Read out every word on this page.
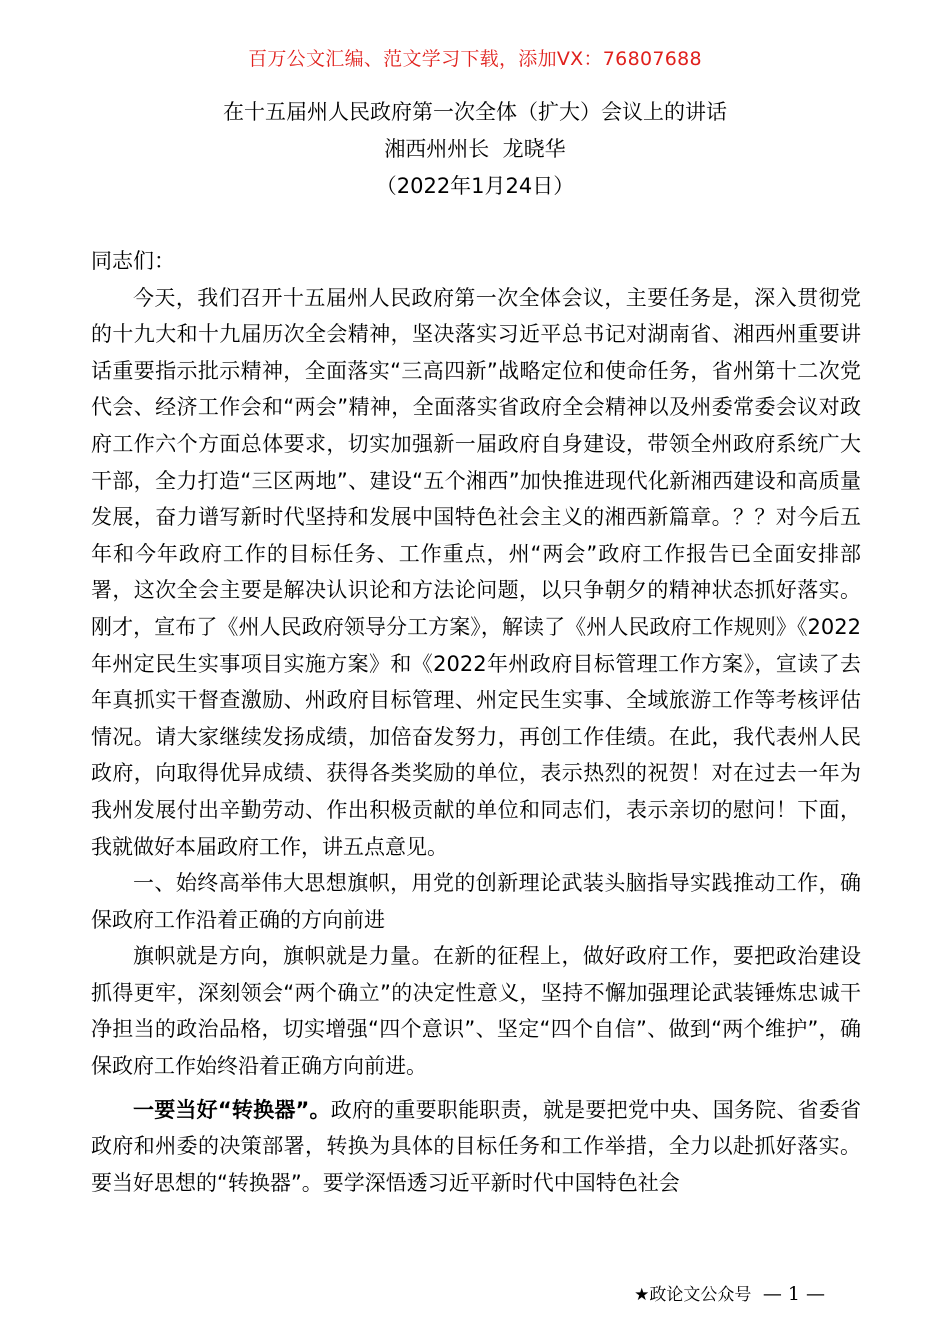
百万公文汇编、范文学习下载，添加VX：76807688
在十五届州人民政府第一次全体（扩大）会议上的讲话
湘西州州长  龙晓华
（2022年1月24日）

同志们：

今天，我们召开十五届州人民政府第一次全体会议，主要任务是，深入贯彻党的十九大和十九届历次全会精神，坚决落实习近平总书记对湖南省、湘西州重要讲话重要指示批示精神，全面落实“三高四新”战略定位和使命任务，省州第十二次党代会、经济工作会和“两会”精神，全面落实省政府全会精神以及州委常委会议对政府工作六个方面总体要求，切实加强新一届政府自身建设，带领全州政府系统广大干部，全力打造“三区两地”、建设“五个湘西”加快推进现代化新湘西建设和高质量发展，奋力谱写新时代坚持和发展中国特色社会主义的湘西新篇章。？？对今后五年和今年政府工作的目标任务、工作重点，州“两会”政府工作报告已全面安排部署，这次全会主要是解决认识论和方法论问题，以只争朝夕的精神状态抓好落实。刚才，宣布了《州人民政府领导分工方案》，解读了《州人民政府工作规则》《2022年州定民生实事项目实施方案》和《2022年州政府目标管理工作方案》，宣读了去年真抓实干督查激励、州政府目标管理、州定民生实事、全域旅游工作等考核评估情况。请大家继续发扬成绩，加倍奋发努力，再创工作佳绩。在此，我代表州人民政府，向取得优异成绩、获得各类奖励的单位，表示热烈的祝贺！对在过去一年为我州发展付出辛勤劳动、作出积极贡献的单位和同志们，表示亲切的慰问！下面，我就做好本届政府工作，讲五点意见。

一、始终高举伟大思想旗帜，用党的创新理论武装头脑指导实践推动工作，确保政府工作沿着正确的方向前进

旗帜就是方向，旗帜就是力量。在新的征程上，做好政府工作，要把政治建设抓得更牢，深刻领会“两个确立”的决定性意义，坚持不懈加强理论武装锤炼忠诚干净担当的政治品格，切实增强“四个意识”、坚定“四个自信”、做到“两个维护”，确保政府工作始终沿着正确方向前进。

一要当好“转换器”。政府的重要职能职责，就是要把党中央、国务院、省委省政府和州委的决策部署，转换为具体的目标任务和工作举措，全力以赴抓好落实。要当好思想的“转换器”。要学深悟透习近平新时代中国特色社会

★政论文公众号 — 1 —
